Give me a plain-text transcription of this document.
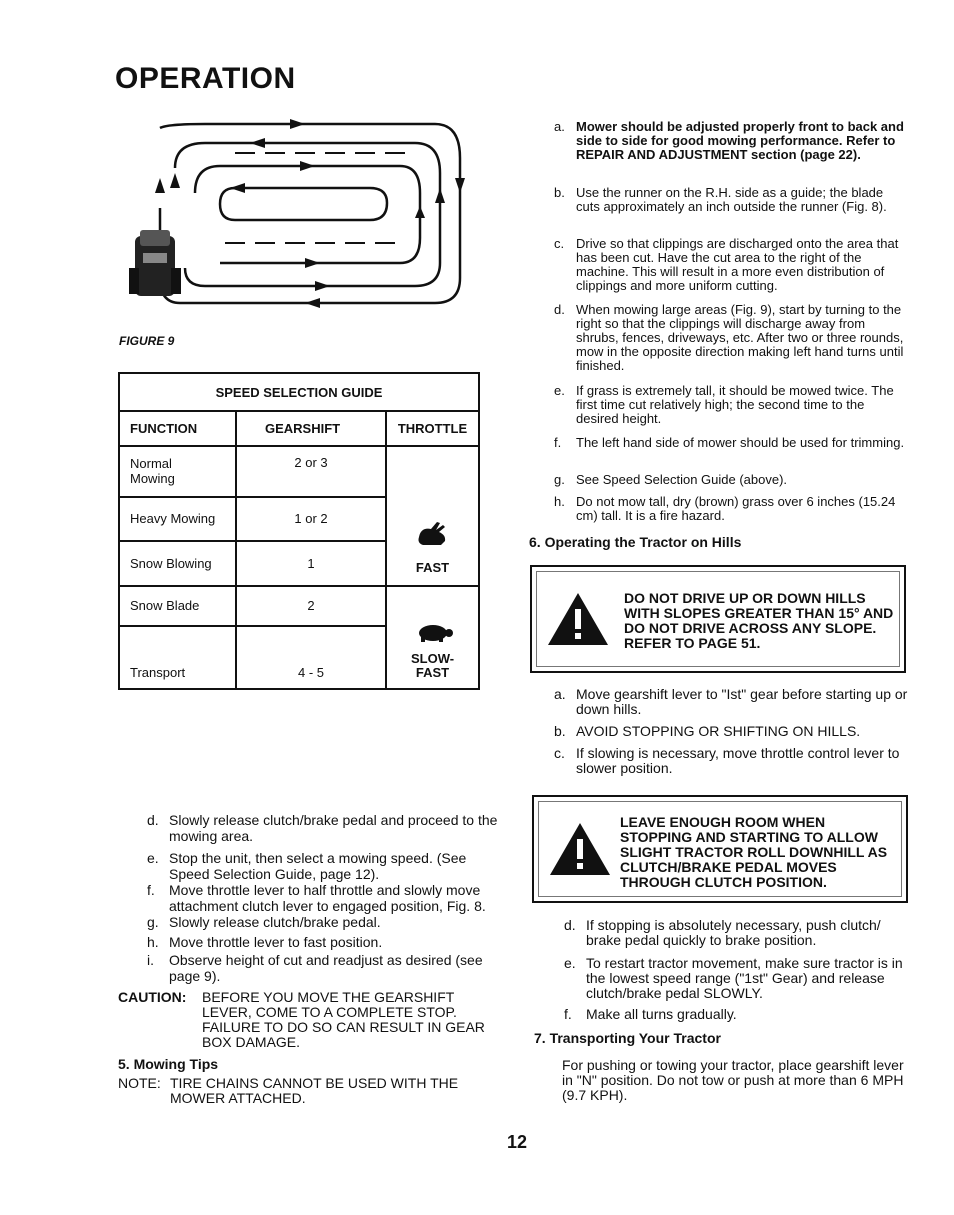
OPERATION
FIGURE 9
SPEED SELECTION GUIDE		
FUNCTION	GEARSHIFT	THROTTLE
Normal
Mowing	2 or 3	FAST

Heavy Mowing	1 or 2	
Snow Blowing	1	
Snow Blade	2	SLOW-
FAST

Transport	4 - 5	
d. Slowly release clutch/brake pedal and proceed to the mowing area.
e. Stop the unit, then select a mowing speed. (See Speed Selection Guide, page 12).
f.	Move throttle lever to half throttle and slowly move attachment clutch lever to engaged position, Fig. 8.
g. Slowly release clutch/brake pedal.
h. Move throttle lever to fast position.
i.	Observe height of cut and readjust as desired (see page 9).
CAUTION:	BEFORE YOU MOVE THE GEARSHIFT LEVER, COME TO A COMPLETE STOP. FAILURE TO DO SO CAN RESULT IN GEAR BOX DAMAGE.
5. Mowing Tips
NOTE: TIRE CHAINS CANNOT BE USED WITH THE MOWER ATTACHED.
a. Mower should be adjusted properly front to back and side to side for good mowing performance. Refer to REPAIR AND ADJUSTMENT section (page 22).
b. Use the runner on the R.H. side as a guide; the blade cuts approximately an inch outside the runner (Fig. 8).
c. Drive so that clippings are discharged onto the area that has been cut. Have the cut area to the right of the machine. This will result in a more even distribution of clippings and more uniform cutting.
d. When mowing large areas (Fig. 9), start by turning to the right so that the clippings will discharge away from shrubs, fences, driveways, etc. After two or three rounds, mow in the opposite direction making left hand turns until finished.
e. If grass is extremely tall, it should be mowed twice. The first time cut relatively high; the second time to the desired height.
f.	The left hand side of mower should be used for trimming.
g. See Speed Selection Guide (above).
h. Do not mow tall, dry (brown) grass over 6 inches (15.24 cm) tall. It is a fire hazard.
6. Operating the Tractor on Hills
DO NOT DRIVE UP OR DOWN HILLS WITH SLOPES GREATER THAN 15° AND DO NOT DRIVE ACROSS ANY SLOPE. REFER TO PAGE 51.
a. Move gearshift lever to "Ist" gear before starting up or down hills.
b. AVOID STOPPING OR SHIFTING ON HILLS.
c. If slowing is necessary, move throttle control lever to slower position.
LEAVE ENOUGH ROOM WHEN STOPPING AND STARTING TO ALLOW SLIGHT TRACTOR ROLL DOWNHILL AS CLUTCH/BRAKE PEDAL MOVES THROUGH CLUTCH POSITION.
d. If stopping is absolutely necessary, push clutch/ brake pedal quickly to brake position.
e. To restart tractor movement, make sure tractor is in the lowest speed range ("1st" Gear) and release clutch/brake pedal SLOWLY.
f.	Make all turns gradually.
7. Transporting Your Tractor
For pushing or towing your tractor, place gearshift lever in "N" position. Do not tow or push at more than 6 MPH (9.7 KPH).
12
